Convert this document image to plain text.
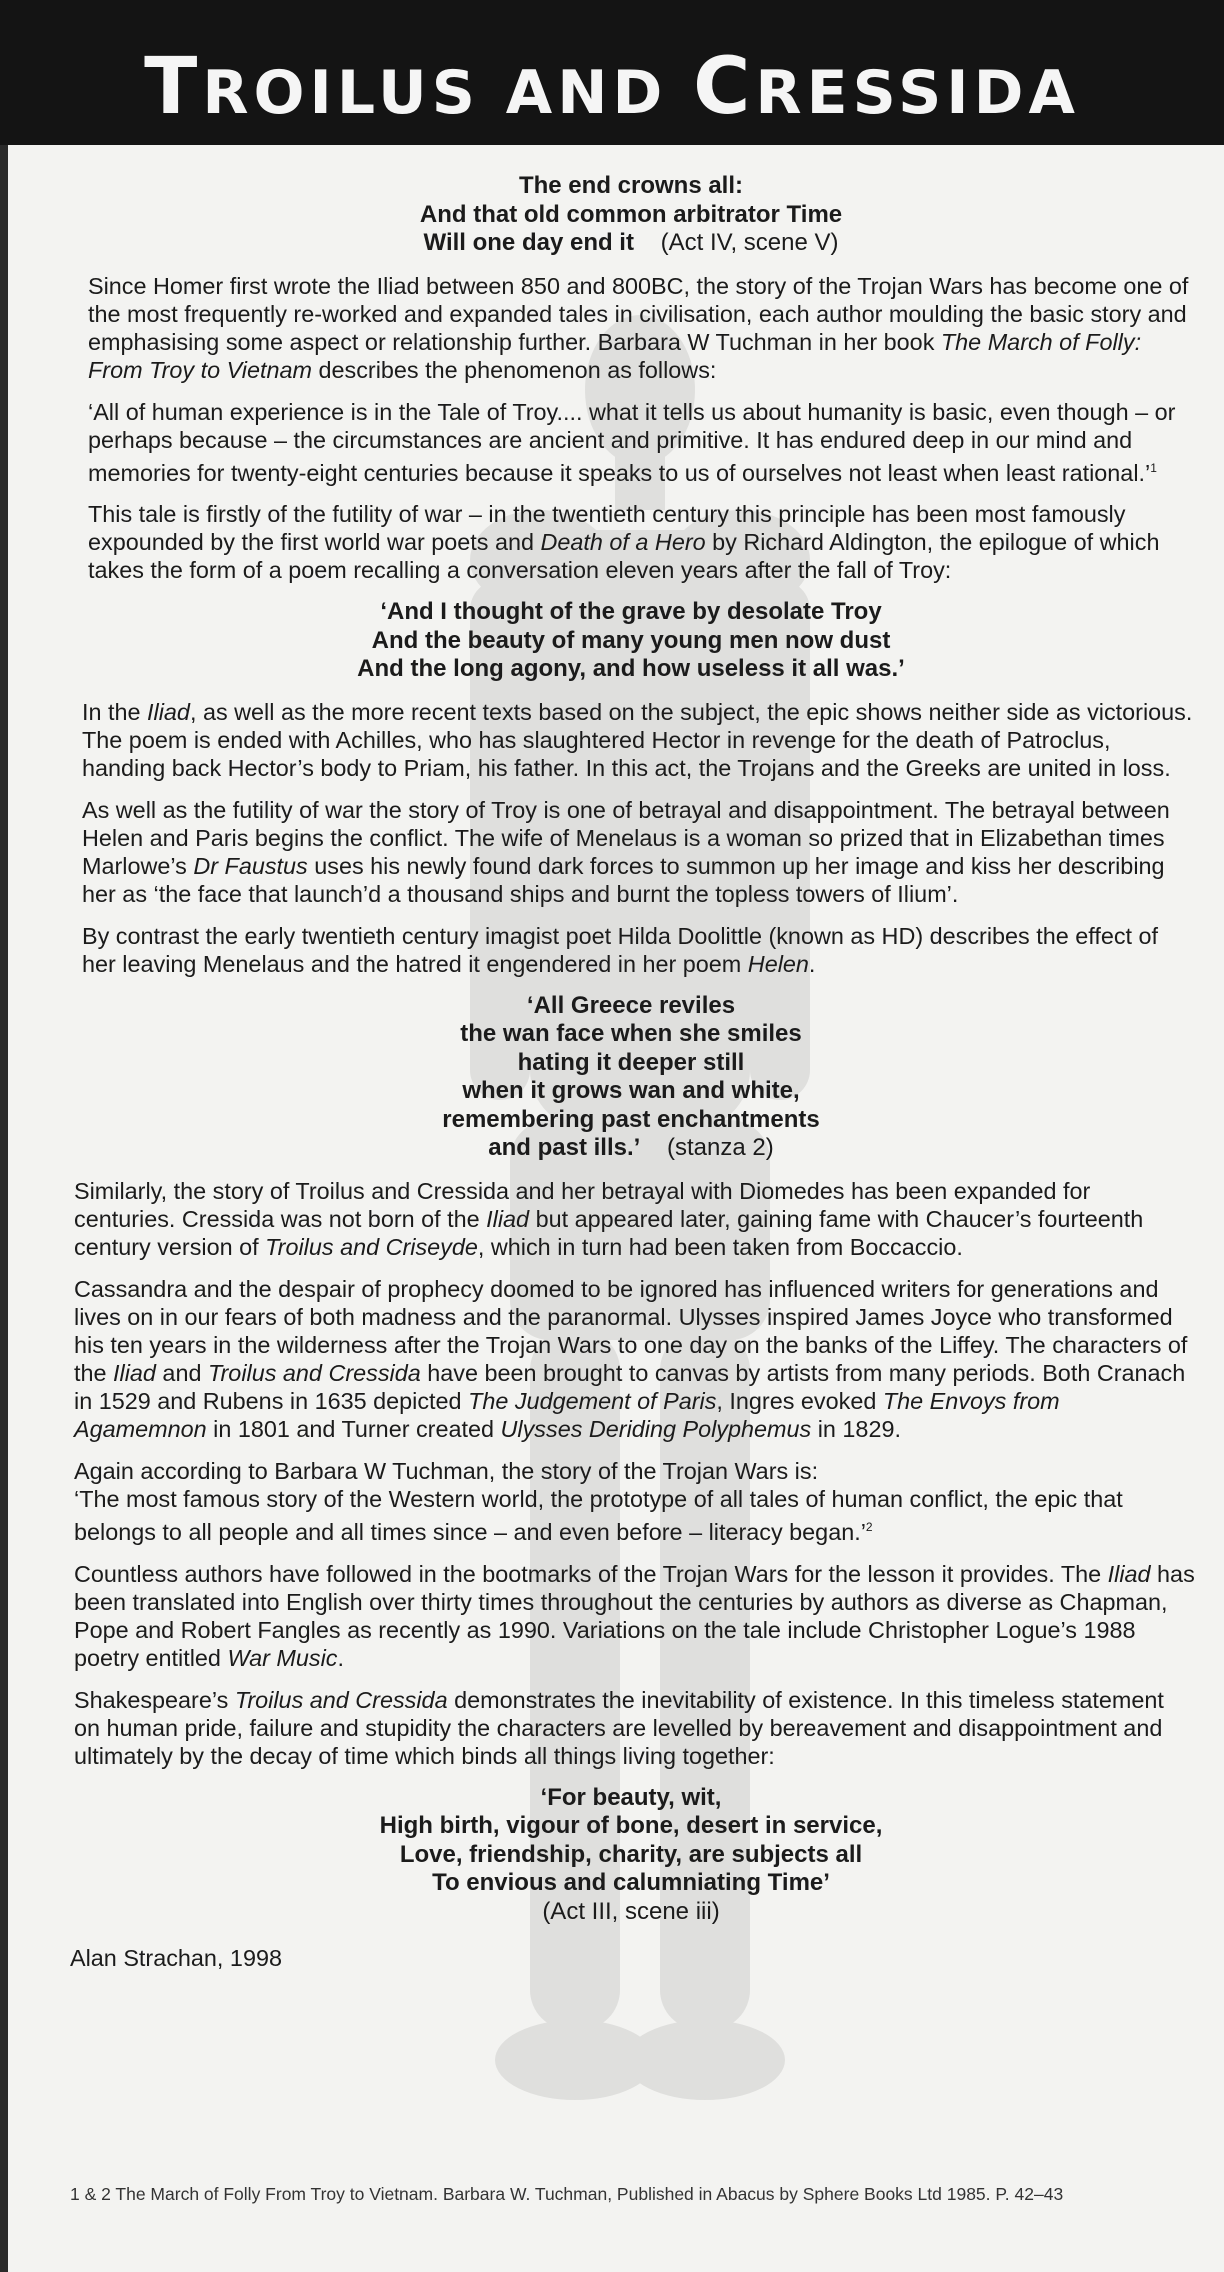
TROILUS AND CRESSIDA
The end crowns all:
And that old common arbitrator Time
Will one day end it (Act IV, scene V)

Since Homer first wrote the Iliad between 850 and 800BC, the story of the Trojan Wars has become one of the most frequently re-worked and expanded tales in civilisation, each author moulding the basic story and emphasising some aspect or relationship further. Barbara W Tuchman in her book The March of Folly: From Troy to Vietnam describes the phenomenon as follows:

‘All of human experience is in the Tale of Troy.... what it tells us about humanity is basic, even though – or perhaps because – the circumstances are ancient and primitive. It has endured deep in our mind and memories for twenty-eight centuries because it speaks to us of ourselves not least when least rational.’$^1$

This tale is firstly of the futility of war – in the twentieth century this principle has been most famously expounded by the first world war poets and Death of a Hero by Richard Aldington, the epilogue of which takes the form of a poem recalling a conversation eleven years after the fall of Troy:

‘And I thought of the grave by desolate Troy
And the beauty of many young men now dust
And the long agony, and how useless it all was.’

In the Iliad, as well as the more recent texts based on the subject, the epic shows neither side as victorious. The poem is ended with Achilles, who has slaughtered Hector in revenge for the death of Patroclus, handing back Hector’s body to Priam, his father. In this act, the Trojans and the Greeks are united in loss.

As well as the futility of war the story of Troy is one of betrayal and disappointment. The betrayal between Helen and Paris begins the conflict. The wife of Menelaus is a woman so prized that in Elizabethan times Marlowe’s Dr Faustus uses his newly found dark forces to summon up her image and kiss her describing her as ‘the face that launch’d a thousand ships and burnt the topless towers of Ilium’.

By contrast the early twentieth century imagist poet Hilda Doolittle (known as HD) describes the effect of her leaving Menelaus and the hatred it engendered in her poem Helen.

‘All Greece reviles
the wan face when she smiles
hating it deeper still
when it grows wan and white,
remembering past enchantments
and past ills.’ (stanza 2)

Similarly, the story of Troilus and Cressida and her betrayal with Diomedes has been expanded for centuries. Cressida was not born of the Iliad but appeared later, gaining fame with Chaucer’s fourteenth century version of Troilus and Criseyde, which in turn had been taken from Boccaccio.

Cassandra and the despair of prophecy doomed to be ignored has influenced writers for generations and lives on in our fears of both madness and the paranormal. Ulysses inspired James Joyce who transformed his ten years in the wilderness after the Trojan Wars to one day on the banks of the Liffey. The characters of the Iliad and Troilus and Cressida have been brought to canvas by artists from many periods. Both Cranach in 1529 and Rubens in 1635 depicted The Judgement of Paris, Ingres evoked The Envoys from Agamemnon in 1801 and Turner created Ulysses Deriding Polyphemus in 1829.

Again according to Barbara W Tuchman, the story of the Trojan Wars is:
‘The most famous story of the Western world, the prototype of all tales of human conflict, the epic that belongs to all people and all times since – and even before – literacy began.’$^2$

Countless authors have followed in the bootmarks of the Trojan Wars for the lesson it provides. The Iliad has been translated into English over thirty times throughout the centuries by authors as diverse as Chapman, Pope and Robert Fangles as recently as 1990. Variations on the tale include Christopher Logue’s 1988 poetry entitled War Music.

Shakespeare’s Troilus and Cressida demonstrates the inevitability of existence. In this timeless statement on human pride, failure and stupidity the characters are levelled by bereavement and disappointment and ultimately by the decay of time which binds all things living together:

‘For beauty, wit,
High birth, vigour of bone, desert in service,
Love, friendship, charity, are subjects all
To envious and calumniating Time’
(Act III, scene iii)
Alan Strachan, 1998
1 & 2 The March of Folly From Troy to Vietnam. Barbara W. Tuchman, Published in Abacus by Sphere Books Ltd 1985. P. 42–43
